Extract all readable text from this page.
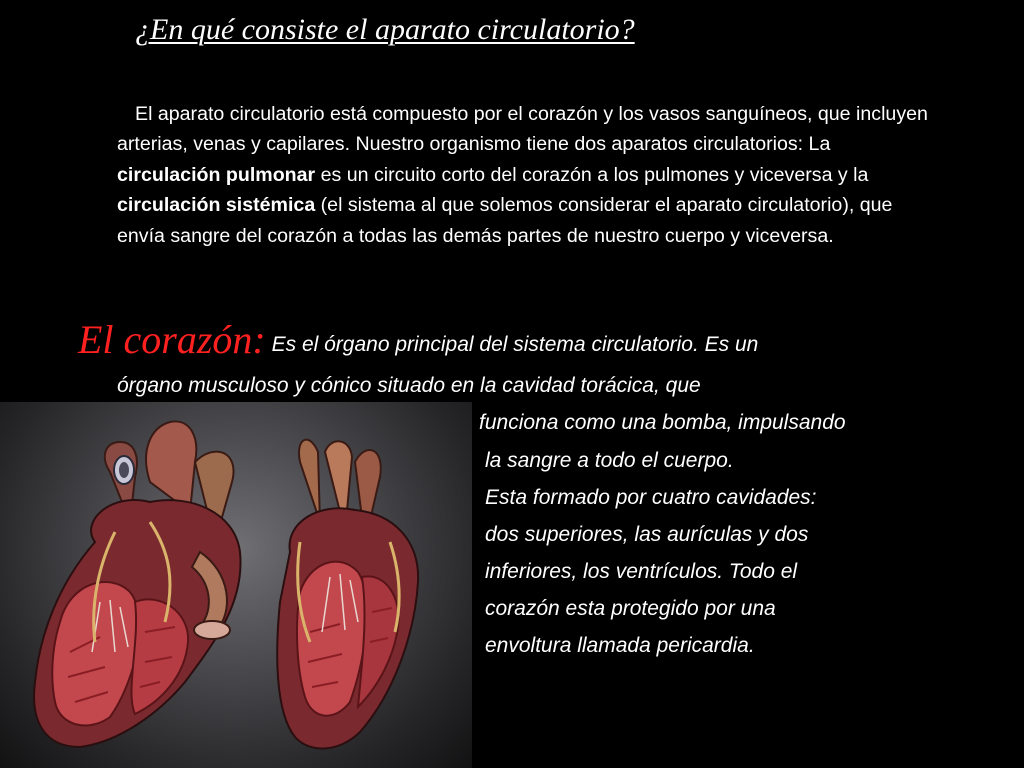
¿En qué consiste el aparato circulatorio?

El aparato circulatorio está compuesto por el corazón y los vasos sanguíneos, que incluyen arterias, venas y capilares. Nuestro organismo tiene dos aparatos circulatorios: La circulación pulmonar es un circuito corto del corazón a los pulmones y viceversa y la circulación sistémica (el sistema al que solemos considerar el aparato circulatorio), que envía sangre del corazón a todas las demás partes de nuestro cuerpo y viceversa.

El corazón: Es el órgano principal del sistema circulatorio. Es un
órgano musculoso y cónico situado en la cavidad torácica, que
funciona como una bomba, impulsando
la sangre a todo el cuerpo.
Esta formado por cuatro cavidades:
dos superiores, las aurículas y dos
inferiores, los ventrículos. Todo el
corazón esta protegido por una
envoltura llamada pericardia.
